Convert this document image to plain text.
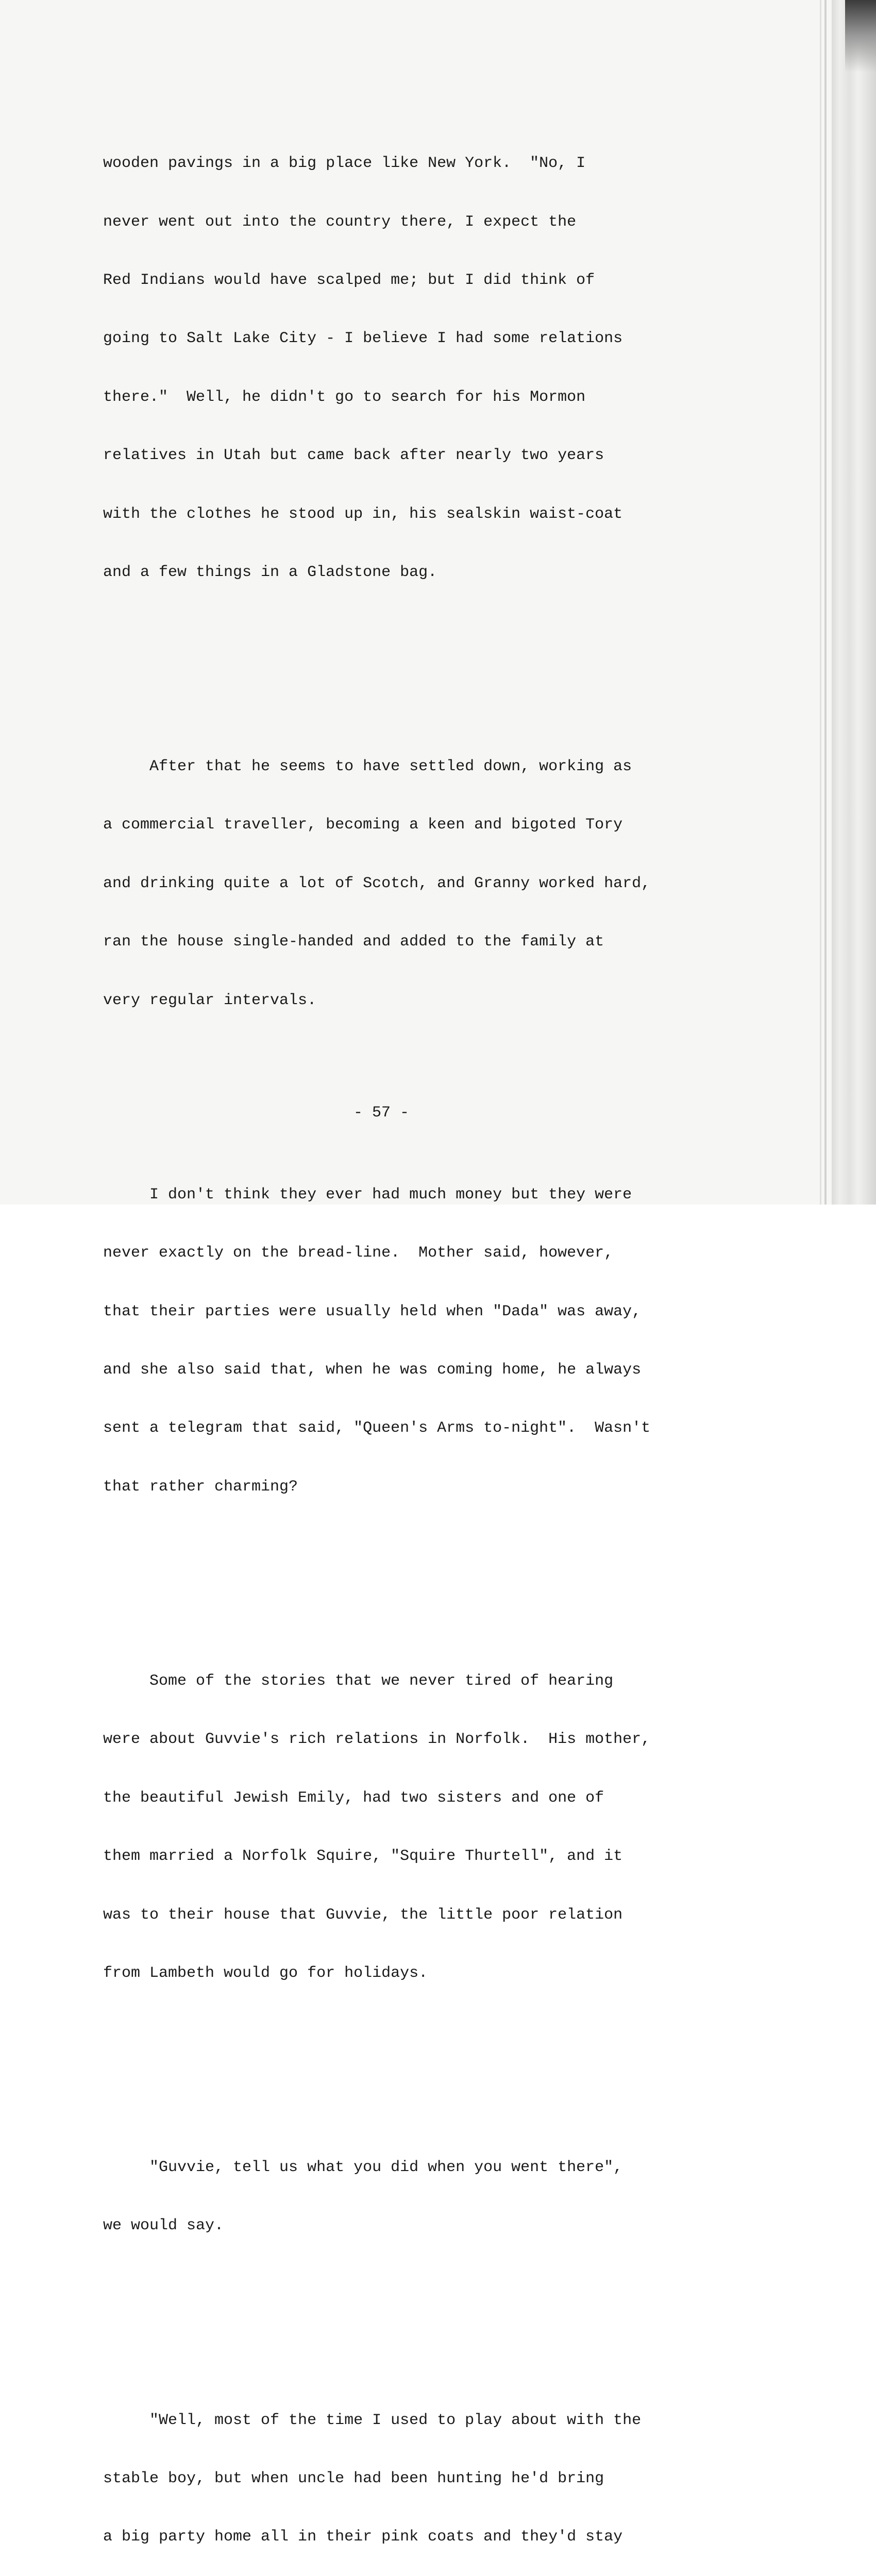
wooden pavings in a big place like New York.  "No, I

never went out into the country there, I expect the

Red Indians would have scalped me; but I did think of

going to Salt Lake City - I believe I had some relations

there."  Well, he didn't go to search for his Mormon

relatives in Utah but came back after nearly two years

with the clothes he stood up in, his sealskin waist-coat

and a few things in a Gladstone bag.

After that he seems to have settled down, working as

a commercial traveller, becoming a keen and bigoted Tory

and drinking quite a lot of Scotch, and Granny worked hard,

ran the house single-handed and added to the family at

very regular intervals.

I don't think they ever had much money but they were

never exactly on the bread-line.  Mother said, however,

that their parties were usually held when "Dada" was away,

and she also said that, when he was coming home, he always

sent a telegram that said, "Queen's Arms to-night".  Wasn't

that rather charming?

Some of the stories that we never tired of hearing

were about Guvvie's rich relations in Norfolk.  His mother,

the beautiful Jewish Emily, had two sisters and one of

them married a Norfolk Squire, "Squire Thurtell", and it

was to their house that Guvvie, the little poor relation

from Lambeth would go for holidays.

"Guvvie, tell us what you did when you went there",

we would say.

"Well, most of the time I used to play about with the

stable boy, but when uncle had been hunting he'd bring

a big party home all in their pink coats and they'd stay

- 57 -
